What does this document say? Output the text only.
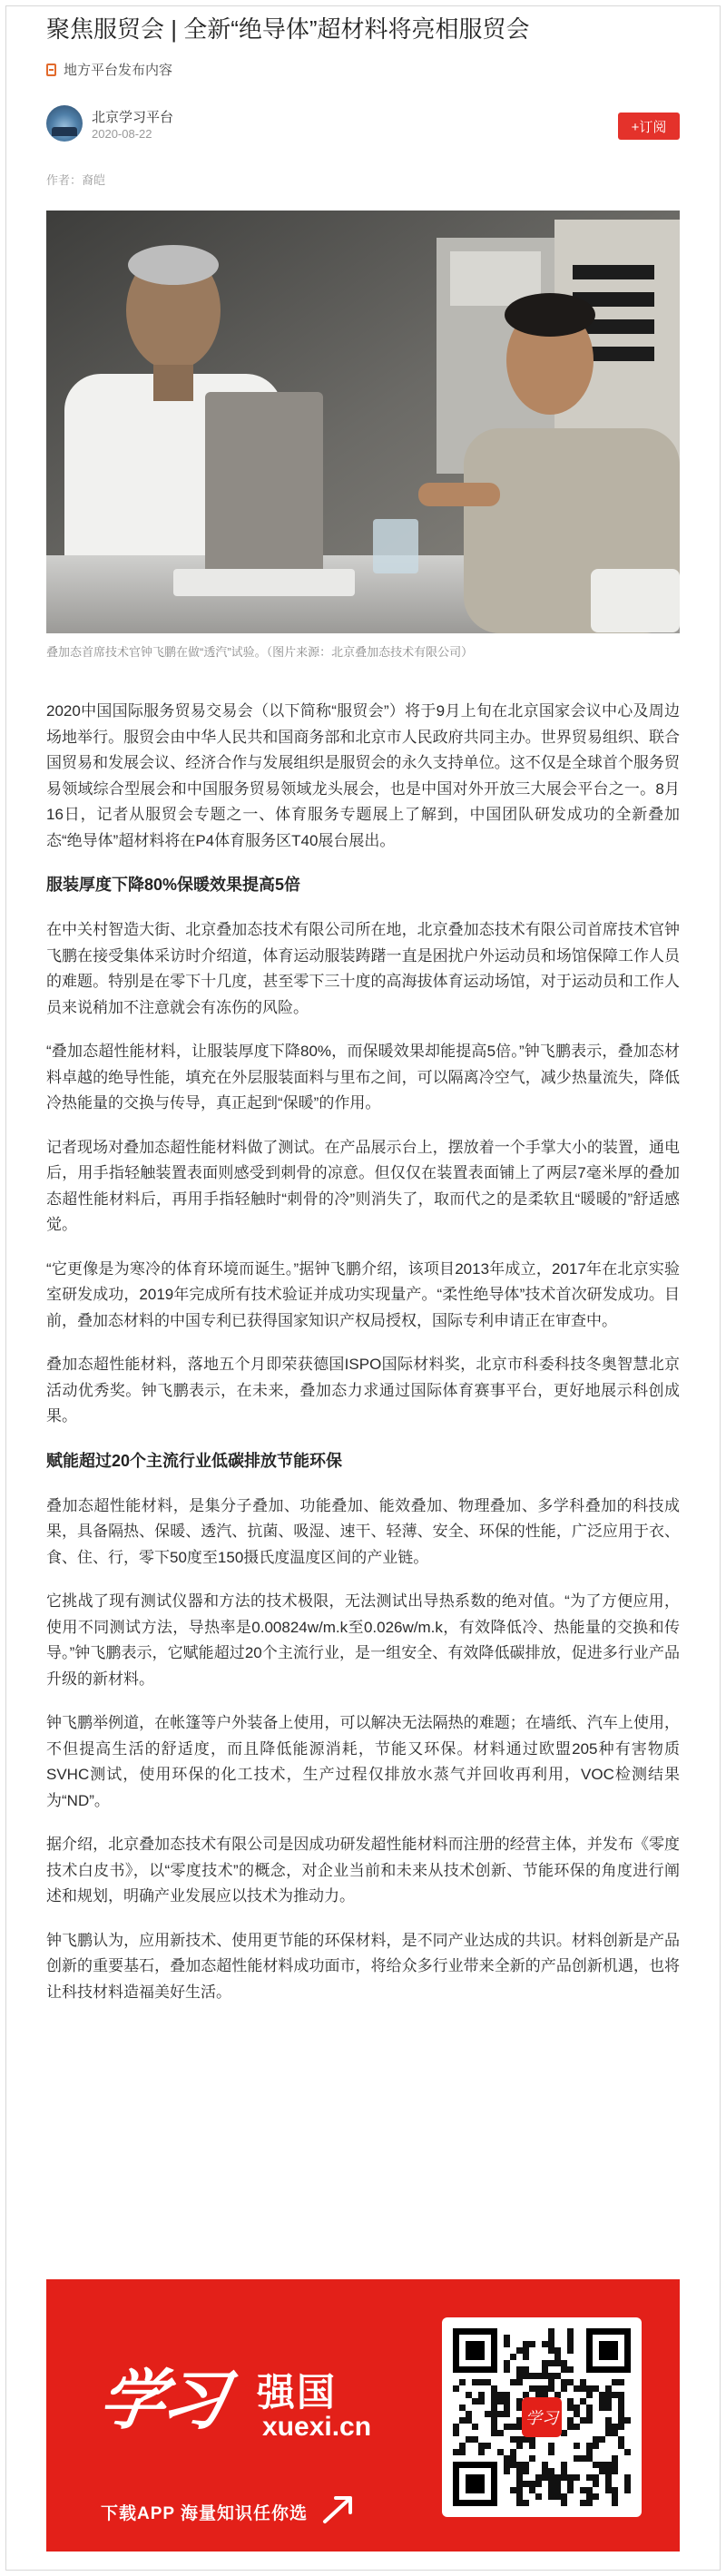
聚焦服贸会 | 全新“绝导体”超材料将亮相服贸会
地方平台发布内容
北京学习平台
2020-08-22	+订阅
作者：裔皑
叠加态首席技术官钟飞鹏在做“透汽”试验。（图片来源：北京叠加态技术有限公司）

2020中国国际服务贸易交易会（以下简称“服贸会”）将于9月上旬在北京国家会议中心及周边场地举行。服贸会由中华人民共和国商务部和北京市人民政府共同主办。世界贸易组织、联合国贸易和发展会议、经济合作与发展组织是服贸会的永久支持单位。这不仅是全球首个服务贸易领域综合型展会和中国服务贸易领域龙头展会，也是中国对外开放三大展会平台之一。8月16日，记者从服贸会专题之一、体育服务专题展上了解到，中国团队研发成功的全新叠加态“绝导体”超材料将在P4体育服务区T40展台展出。

服装厚度下降80%保暖效果提高5倍

在中关村智造大街、北京叠加态技术有限公司所在地，北京叠加态技术有限公司首席技术官钟飞鹏在接受集体采访时介绍道，体育运动服装踌躇一直是困扰户外运动员和场馆保障工作人员的难题。特别是在零下十几度，甚至零下三十度的高海拔体育运动场馆，对于运动员和工作人员来说稍加不注意就会有冻伤的风险。

“叠加态超性能材料，让服装厚度下降80%，而保暖效果却能提高5倍。”钟飞鹏表示，叠加态材料卓越的绝导性能，填充在外层服装面料与里布之间，可以隔离冷空气，减少热量流失，降低冷热能量的交换与传导，真正起到“保暖”的作用。

记者现场对叠加态超性能材料做了测试。在产品展示台上，摆放着一个手掌大小的装置，通电后，用手指轻触装置表面则感受到刺骨的凉意。但仅仅在装置表面铺上了两层7毫米厚的叠加态超性能材料后，再用手指轻触时“刺骨的冷”则消失了，取而代之的是柔软且“暖暖的”舒适感觉。

“它更像是为寒冷的体育环境而诞生。”据钟飞鹏介绍，该项目2013年成立，2017年在北京实验室研发成功，2019年完成所有技术验证并成功实现量产。“柔性绝导体”技术首次研发成功。目前，叠加态材料的中国专利已获得国家知识产权局授权，国际专利申请正在审查中。

叠加态超性能材料，落地五个月即荣获德国ISPO国际材料奖，北京市科委科技冬奥智慧北京活动优秀奖。钟飞鹏表示，在未来，叠加态力求通过国际体育赛事平台，更好地展示科创成果。

赋能超过20个主流行业低碳排放节能环保

叠加态超性能材料，是集分子叠加、功能叠加、能效叠加、物理叠加、多学科叠加的科技成果，具备隔热、保暖、透汽、抗菌、吸湿、速干、轻薄、安全、环保的性能，广泛应用于衣、食、住、行，零下50度至150摄氏度温度区间的产业链。

它挑战了现有测试仪器和方法的技术极限，无法测试出导热系数的绝对值。“为了方便应用，使用不同测试方法，导热率是0.00824w/m.k至0.026w/m.k，有效降低冷、热能量的交换和传导。”钟飞鹏表示，它赋能超过20个主流行业，是一组安全、有效降低碳排放，促进多行业产品升级的新材料。

钟飞鹏举例道，在帐篷等户外装备上使用，可以解决无法隔热的难题；在墙纸、汽车上使用，不但提高生活的舒适度，而且降低能源消耗，节能又环保。材料通过欧盟205种有害物质SVHC测试，使用环保的化工技术，生产过程仅排放水蒸气并回收再利用，VOC检测结果为“ND”。

据介绍，北京叠加态技术有限公司是因成功研发超性能材料而注册的经营主体，并发布《零度技术白皮书》，以“零度技术”的概念，对企业当前和未来从技术创新、节能环保的角度进行阐述和规划，明确产业发展应以技术为推动力。

钟飞鹏认为，应用新技术、使用更节能的环保材料，是不同产业达成的共识。材料创新是产品创新的重要基石，叠加态超性能材料成功面市，将给众多行业带来全新的产品创新机遇，也将让科技材料造福美好生活。

学习 强国
xuexi.cn
下载APP 海量知识任你选
学习
